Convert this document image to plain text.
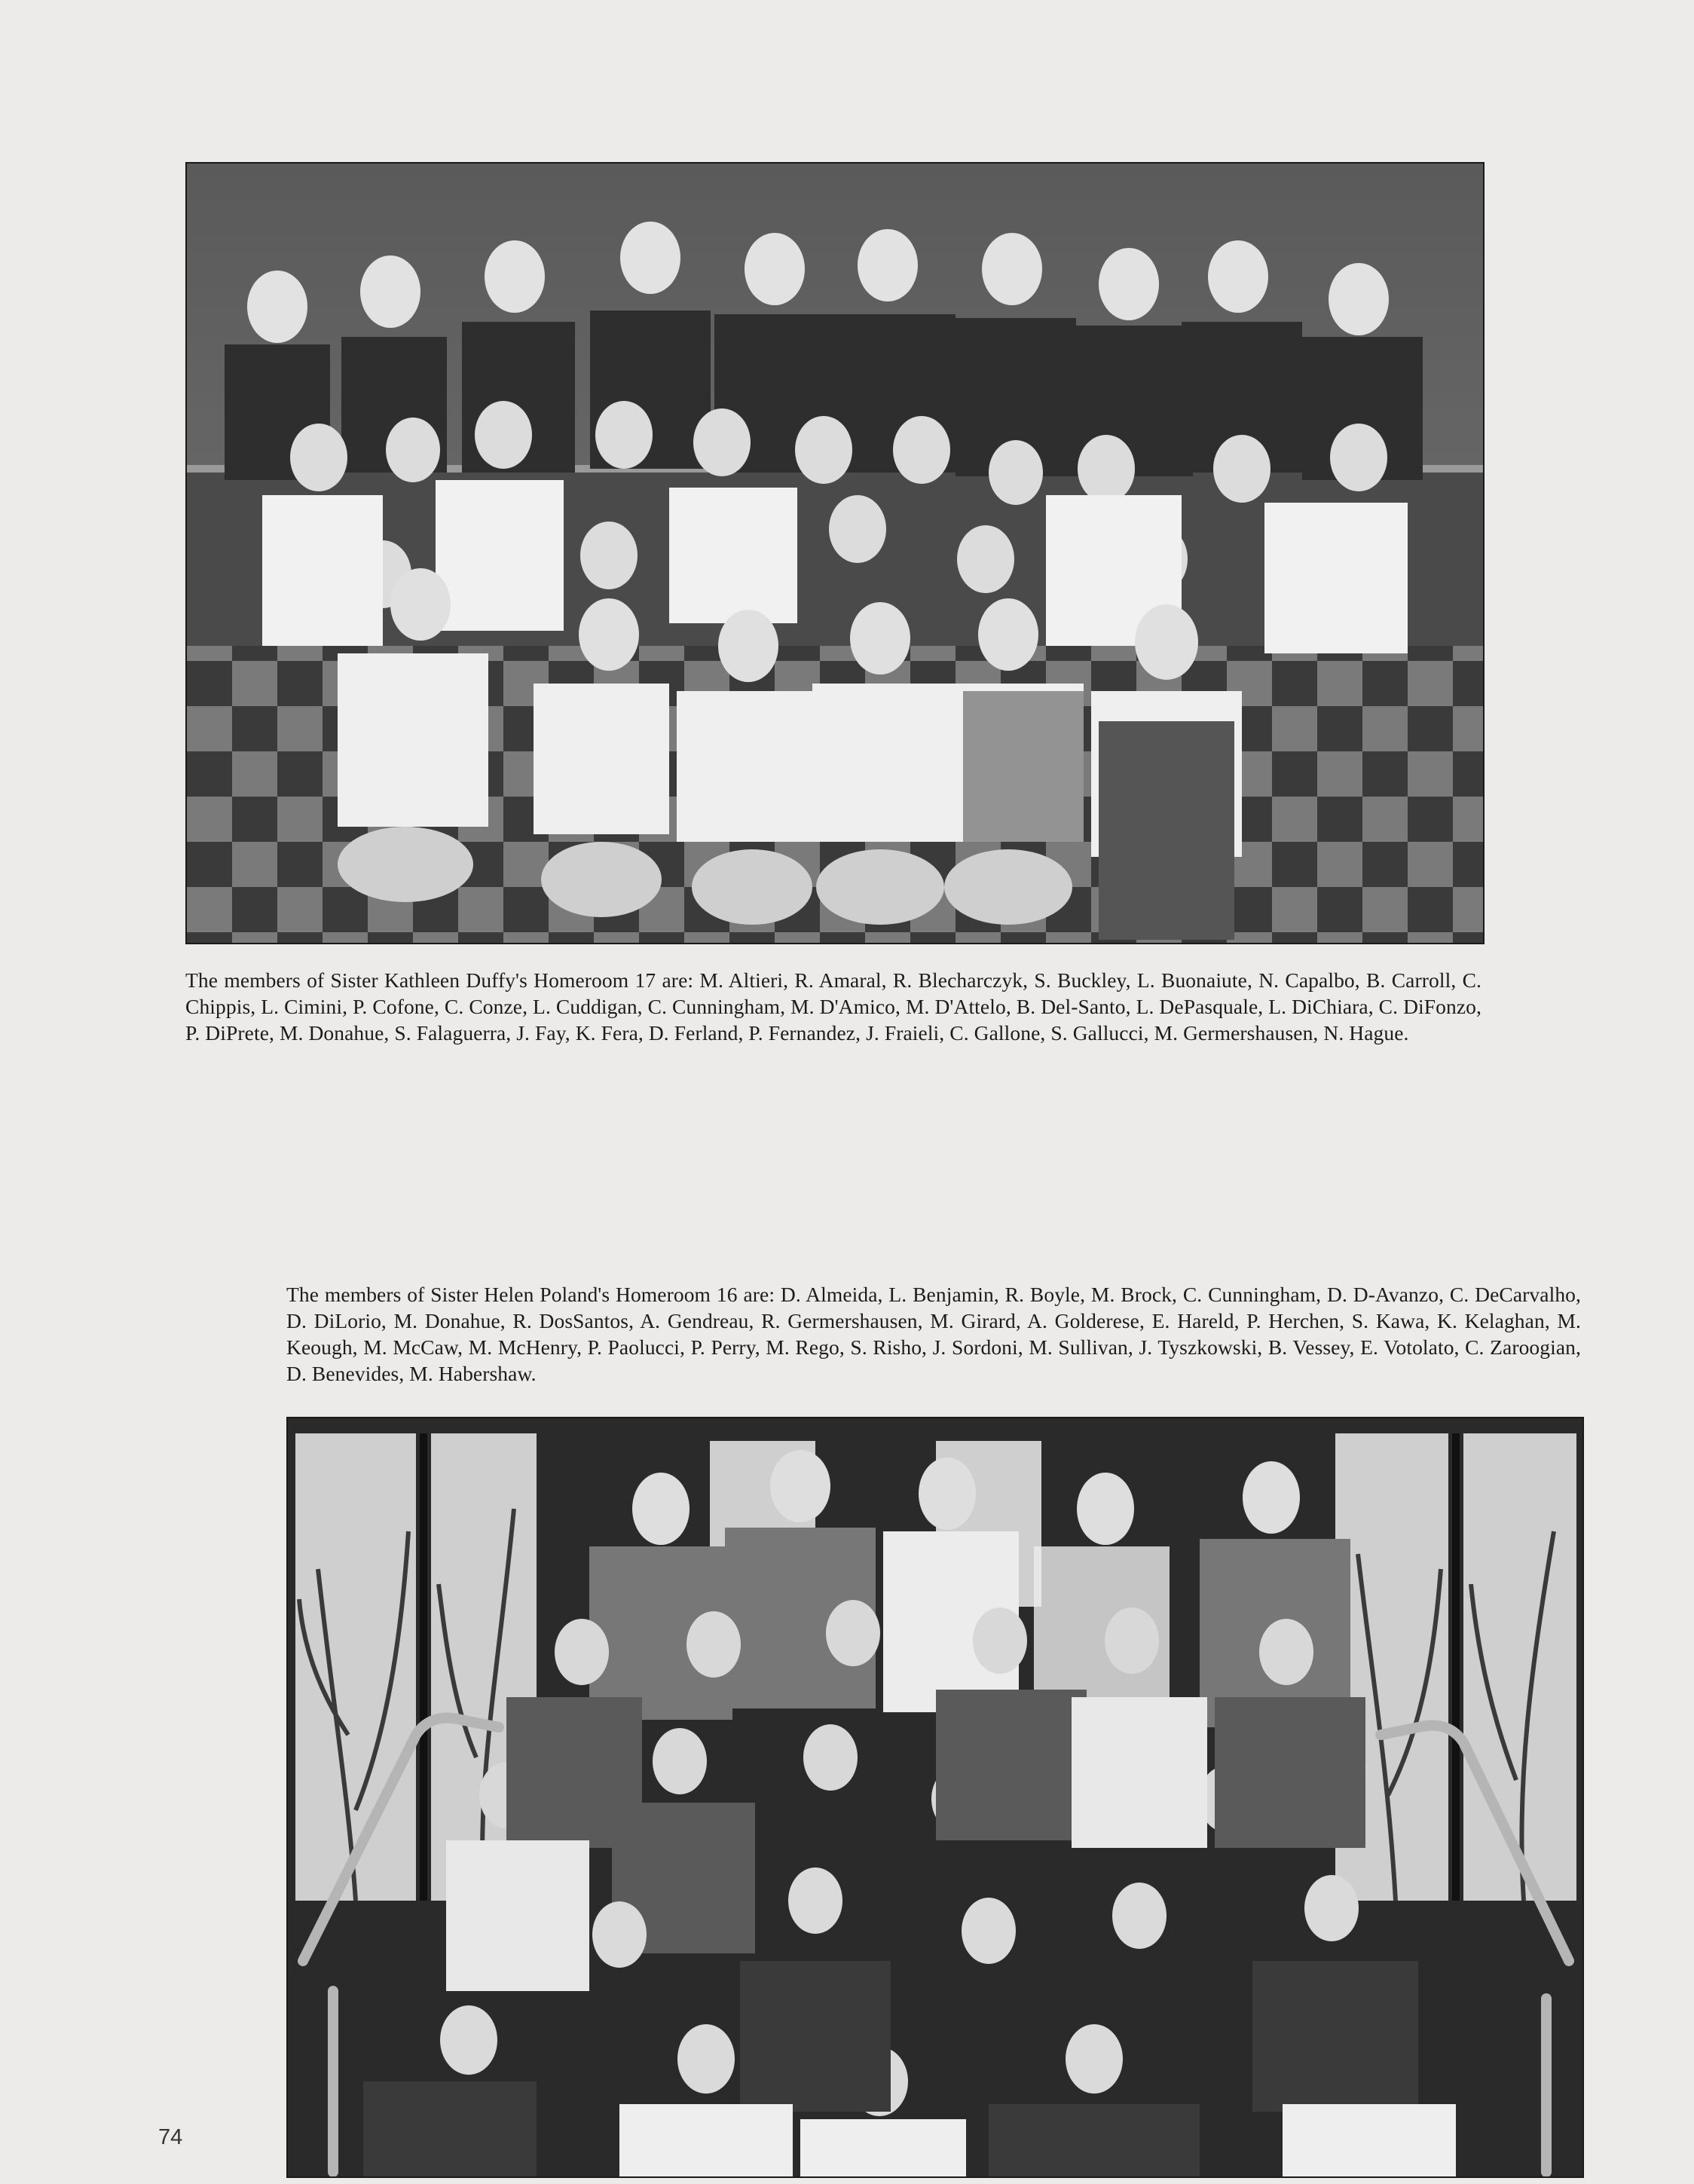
The members of Sister Kathleen Duffy's Homeroom 17 are: M. Altieri, R. Amaral, R. Blecharczyk, S. Buckley, L. Buonaiute, N. Capalbo, B. Carroll, C. Chippis, L. Cimini, P. Cofone, C. Conze, L. Cuddigan, C. Cunningham, M. D'Amico, M. D'Attelo, B. Del-Santo, L. DePasquale, L. DiChiara, C. DiFonzo, P. DiPrete, M. Donahue, S. Falaguerra, J. Fay, K. Fera, D. Ferland, P. Fernandez, J. Fraieli, C. Gallone, S. Gallucci, M. Germershausen, N. Hague.

The members of Sister Helen Poland's Homeroom 16 are: D. Almeida, L. Benjamin, R. Boyle, M. Brock, C. Cunningham, D. D-Avanzo, C. DeCarvalho, D. DiLorio, M. Donahue, R. DosSantos, A. Gendreau, R. Germershausen, M. Girard, A. Golderese, E. Hareld, P. Herchen, S. Kawa, K. Kelaghan, M. Keough, M. McCaw, M. McHenry, P. Paolucci, P. Perry, M. Rego, S. Risho, J. Sordoni, M. Sullivan, J. Tyszkowski, B. Vessey, E. Votolato, C. Zaroogian, D. Benevides, M. Habershaw.

74
